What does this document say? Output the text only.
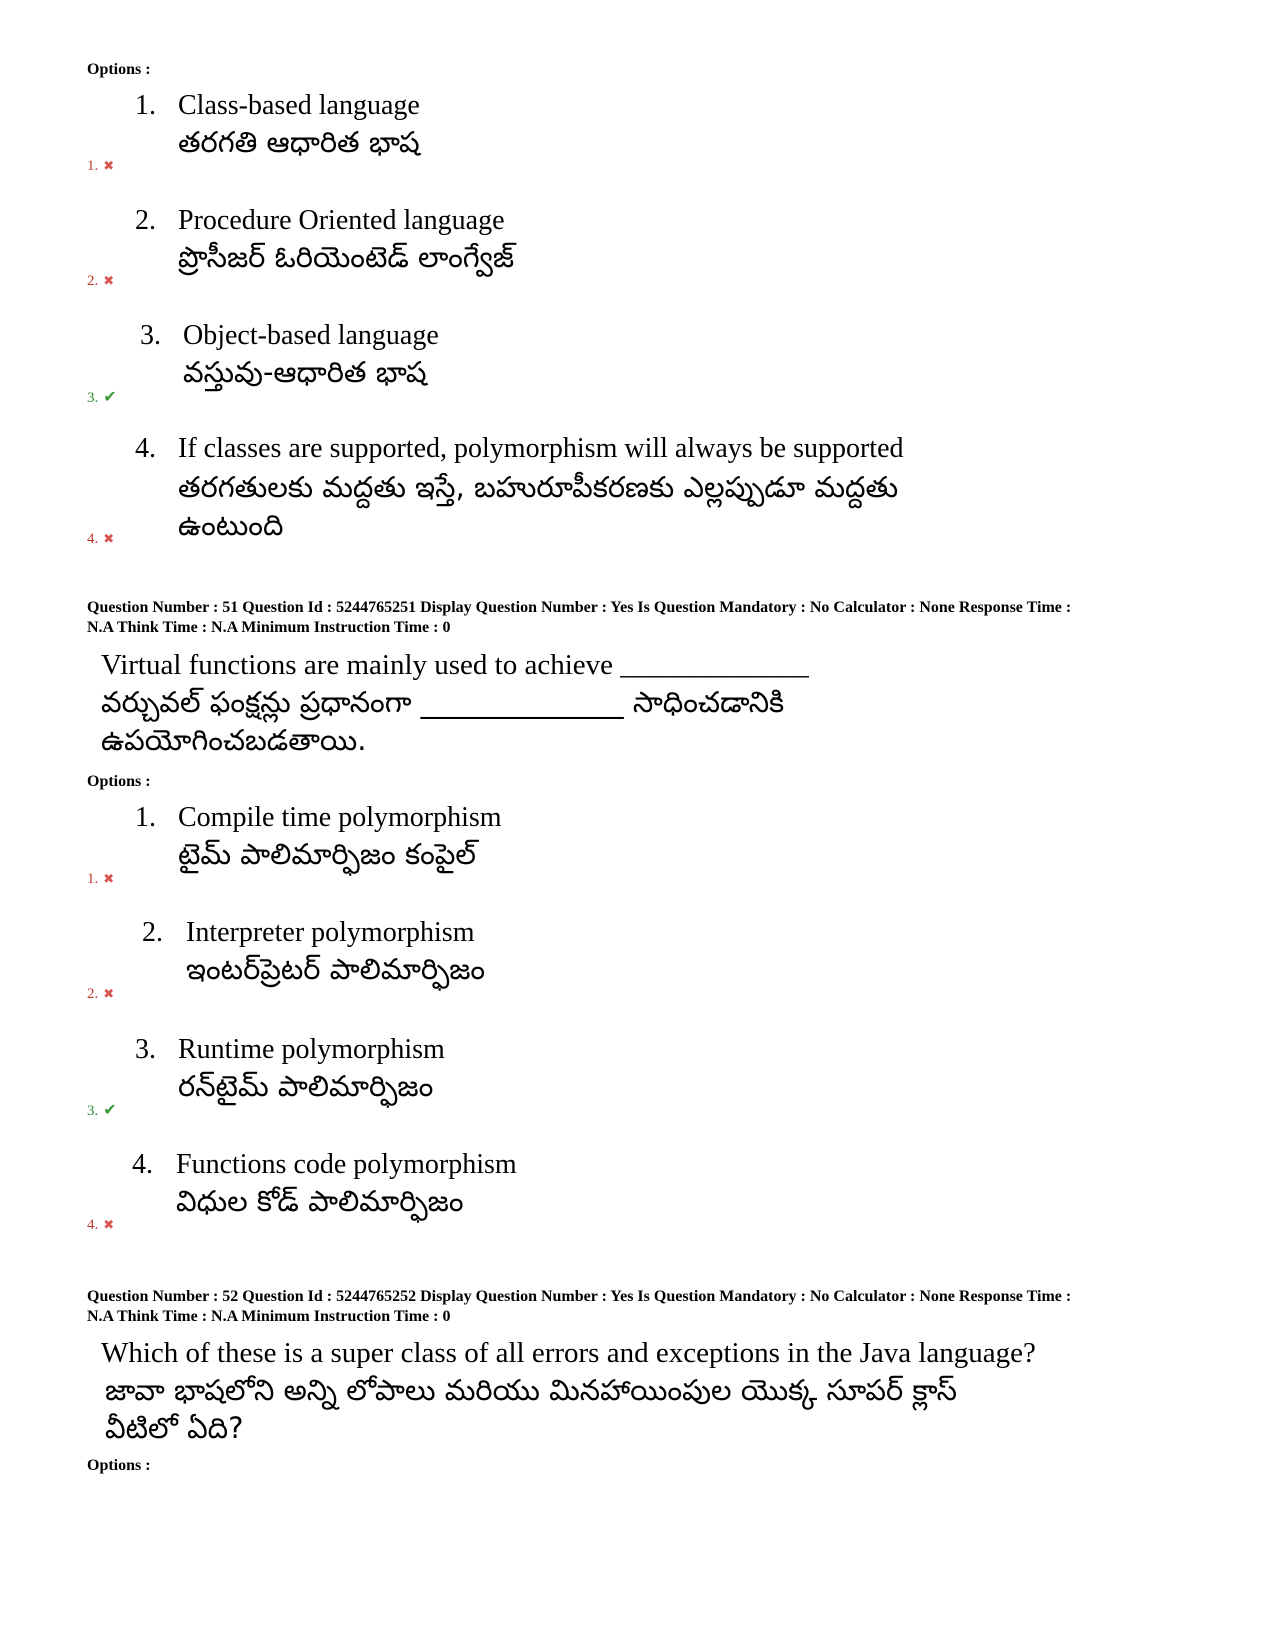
Options :
1. Class-based language
తరగతి ఆధారిత భాష
1. ✖
2. Procedure Oriented language
ప్రొసీజర్ ఓరియెంటెడ్ లాంగ్వేజ్
2. ✖
3. Object-based language
వస్తువు-ఆధారిత భాష
3. ✔
4. If classes are supported, polymorphism will always be supported
తరగతులకు మద్దతు ఇస్తే, బహురూపీకరణకు ఎల్లప్పుడూ మద్దతు
ఉంటుంది
4. ✖
Question Number : 51 Question Id : 5244765251 Display Question Number : Yes Is Question Mandatory : No Calculator : None Response Time :
N.A Think Time : N.A Minimum Instruction Time : 0
Virtual functions are mainly used to achieve _____________
వర్చువల్ ఫంక్షన్లు ప్రధానంగా ______________ సాధించడానికి
ఉపయోగించబడతాయి.
Options :
1. Compile time polymorphism
టైమ్ పాలిమార్ఫిజం కంపైల్
1. ✖
2. Interpreter polymorphism
ఇంటర్‌ప్రెటర్ పాలిమార్ఫిజం
2. ✖
3. Runtime polymorphism
రన్‌టైమ్ పాలిమార్ఫిజం
3. ✔
4. Functions code polymorphism
విధుల కోడ్ పాలిమార్ఫిజం
4. ✖
Question Number : 52 Question Id : 5244765252 Display Question Number : Yes Is Question Mandatory : No Calculator : None Response Time :
N.A Think Time : N.A Minimum Instruction Time : 0
Which of these is a super class of all errors and exceptions in the Java language?
జావా భాషలోని అన్ని లోపాలు మరియు మినహాయింపుల యొక్క సూపర్ క్లాస్
వీటిలో ఏది?
Options :
